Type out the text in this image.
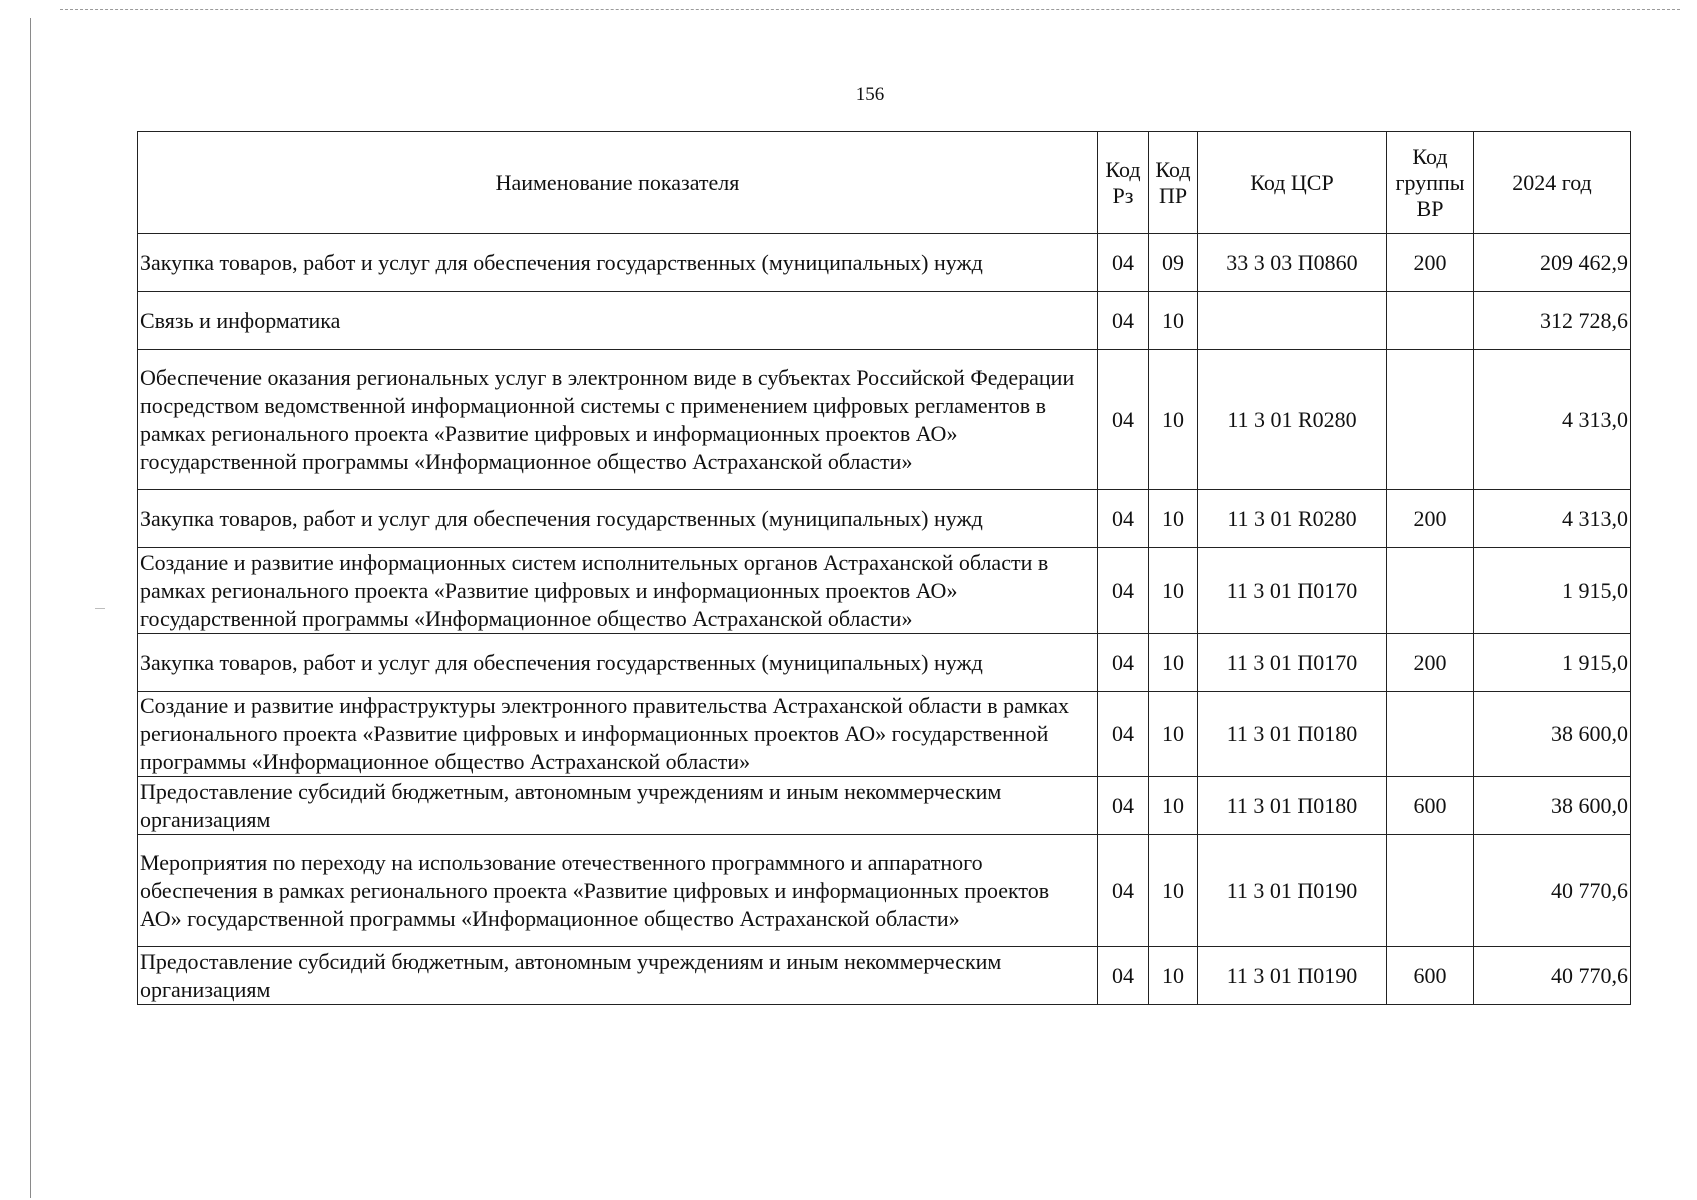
156
Наименование показателя	Код Рз	Код ПР	Код ЦСР	Код группы ВР	2024 год
Закупка товаров, работ и услуг для обеспечения государственных (муниципальных) нужд	04	09	33 3 03 П0860	200	209 462,9
Связь и информатика	04	10			312 728,6
Обеспечение оказания региональных услуг в электронном виде в субъектах Российской Федерации посредством ведомственной информационной системы с применением цифровых регламентов в рамках регионального проекта «Развитие цифровых и информационных проектов АО» государственной программы «Информационное общество Астраханской области»	04	10	11 3 01 R0280		4 313,0
Закупка товаров, работ и услуг для обеспечения государственных (муниципальных) нужд	04	10	11 3 01 R0280	200	4 313,0
Создание и развитие информационных систем исполнительных органов Астраханской области в рамках регионального проекта «Развитие цифровых и информационных проектов АО» государственной программы «Информационное общество Астраханской области»	04	10	11 3 01 П0170		1 915,0
Закупка товаров, работ и услуг для обеспечения государственных (муниципальных) нужд	04	10	11 3 01 П0170	200	1 915,0
Создание и развитие инфраструктуры электронного правительства Астраханской области в рамках регионального проекта «Развитие цифровых и информационных проектов АО» государственной программы «Информационное общество Астраханской области»	04	10	11 3 01 П0180		38 600,0
Предоставление субсидий бюджетным, автономным учреждениям и иным некоммерческим организациям	04	10	11 3 01 П0180	600	38 600,0
Мероприятия по переходу на использование отечественного программного и аппаратного обеспечения в рамках регионального проекта «Развитие цифровых и информационных проектов АО» государственной программы «Информационное общество Астраханской области»	04	10	11 3 01 П0190		40 770,6
Предоставление субсидий бюджетным, автономным учреждениям и иным некоммерческим организациям	04	10	11 3 01 П0190	600	40 770,6
